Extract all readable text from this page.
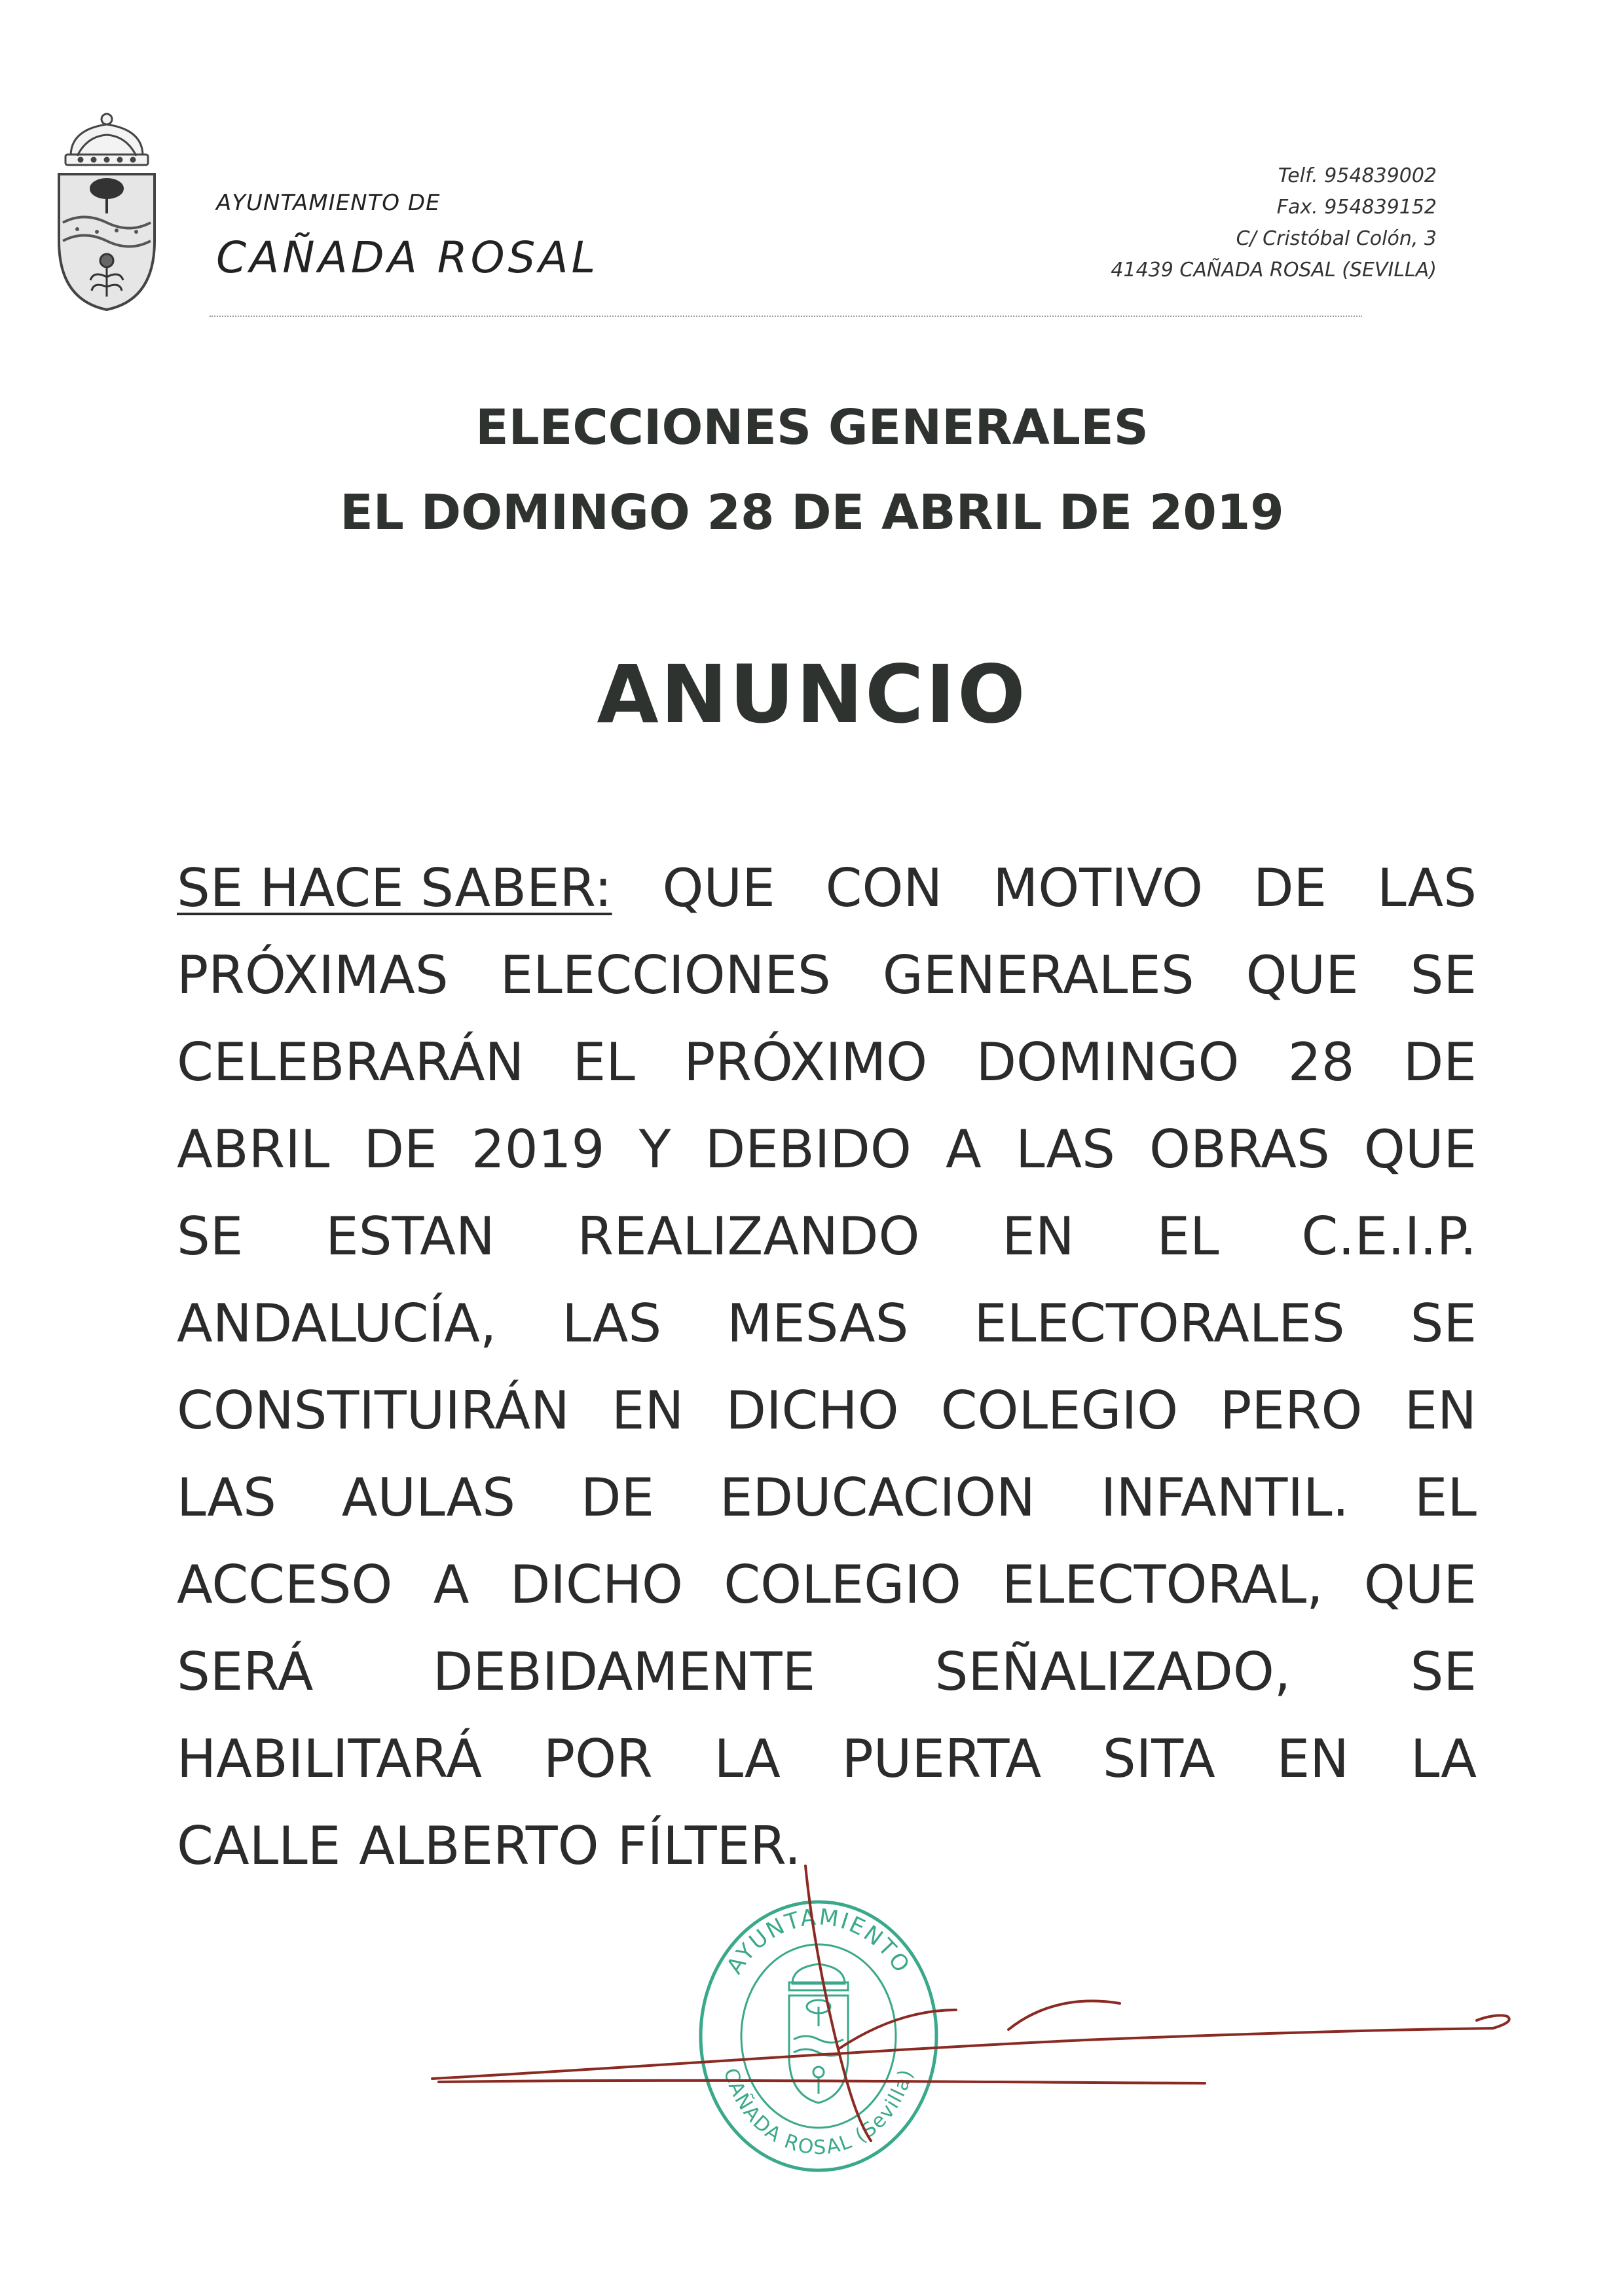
AYUNTAMIENTO DE
CAÑADA ROSAL
Telf. 954839002
Fax. 954839152
C/ Cristóbal Colón, 3
41439 CAÑADA ROSAL (SEVILLA)
ELECCIONES GENERALES
EL DOMINGO 28 DE ABRIL DE 2019
ANUNCIO
SE HACE SABER: QUE CON MOTIVO DE LAS
PRÓXIMAS ELECCIONES GENERALES QUE SE
CELEBRARÁN EL PRÓXIMO DOMINGO 28 DE
ABRIL DE 2019 Y DEBIDO A LAS OBRAS QUE
SE ESTAN REALIZANDO EN EL C.E.I.P.
ANDALUCÍA, LAS MESAS ELECTORALES SE
CONSTITUIRÁN EN DICHO COLEGIO PERO EN
LAS AULAS DE EDUCACION INFANTIL. EL
ACCESO A DICHO COLEGIO ELECTORAL, QUE
SERÁ DEBIDAMENTE SEÑALIZADO, SE
HABILITARÁ POR LA PUERTA SITA EN LA
CALLE ALBERTO FÍLTER.
AYUNTAMIENTO
CAÑADA ROSAL (Sevilla)
